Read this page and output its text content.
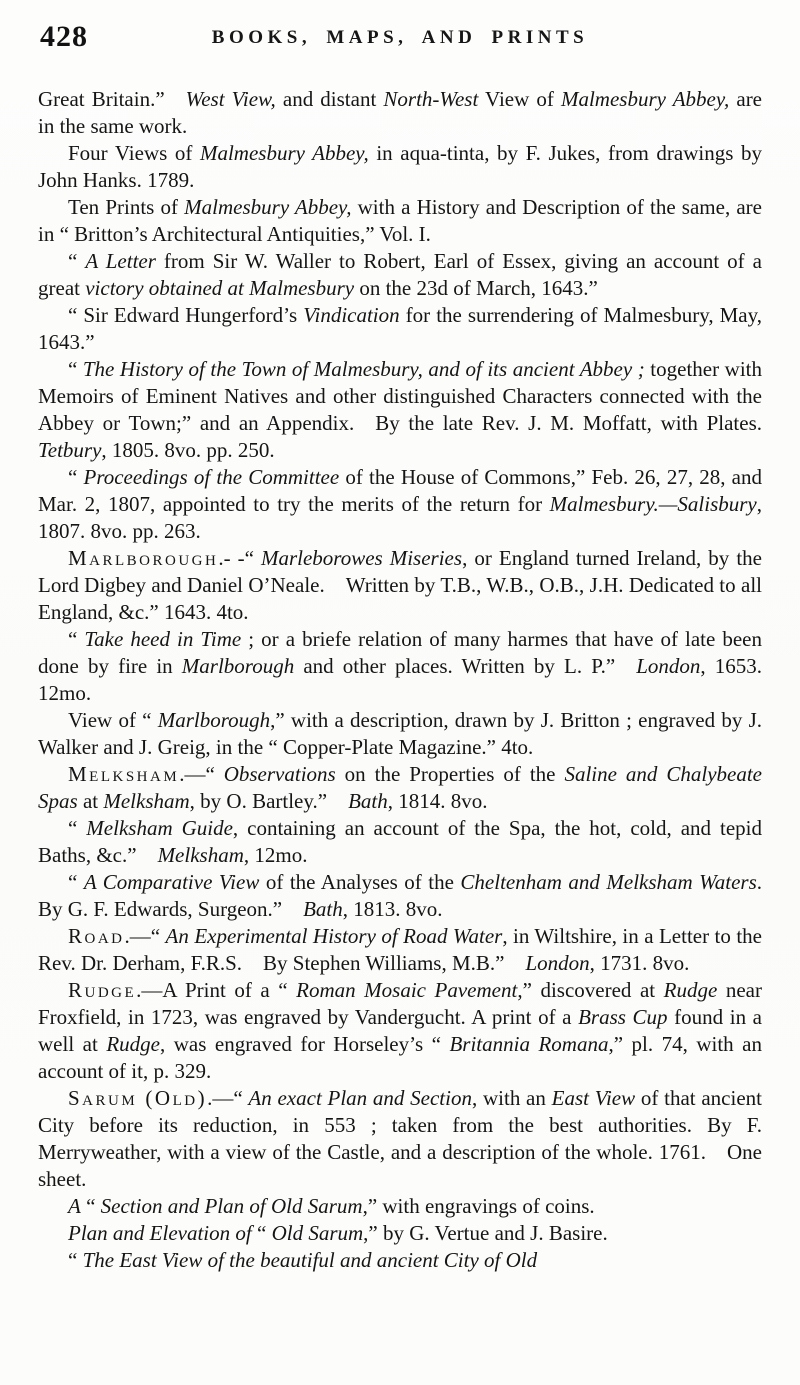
428	BOOKS, MAPS, AND PRINTS

Great Britain.” West View, and distant North-West View of Malmesbury Abbey, are in the same work.

Four Views of Malmesbury Abbey, in aqua-tinta, by F. Jukes, from drawings by John Hanks. 1789.

Ten Prints of Malmesbury Abbey, with a History and Description of the same, are in “ Britton’s Architectural Antiquities,” Vol. I.

“ A Letter from Sir W. Waller to Robert, Earl of Essex, giving an account of a great victory obtained at Malmesbury on the 23d of March, 1643.”

“ Sir Edward Hungerford’s Vindication for the surrendering of Malmesbury, May, 1643.”

“ The History of the Town of Malmesbury, and of its ancient Abbey ; together with Memoirs of Eminent Natives and other distinguished Characters connected with the Abbey or Town;” and an Appendix. By the late Rev. J. M. Moffatt, with Plates. Tetbury, 1805. 8vo. pp. 250.

“ Proceedings of the Committee of the House of Commons,” Feb. 26, 27, 28, and Mar. 2, 1807, appointed to try the merits of the return for Malmesbury.—Salisbury, 1807. 8vo. pp. 263.

Marlborough.- -“ Marleborowes Miseries, or England turned Ireland, by the Lord Digbey and Daniel O’Neale. Written by T.B., W.B., O.B., J.H. Dedicated to all England, &c.” 1643. 4to.

“ Take heed in Time ; or a briefe relation of many harmes that have of late been done by fire in Marlborough and other places. Written by L. P.” London, 1653. 12mo.

View of “ Marlborough,” with a description, drawn by J. Britton ; engraved by J. Walker and J. Greig, in the “ Copper-Plate Magazine.” 4to.

Melksham.—“ Observations on the Properties of the Saline and Chalybeate Spas at Melksham, by O. Bartley.” Bath, 1814. 8vo.

“ Melksham Guide, containing an account of the Spa, the hot, cold, and tepid Baths, &c.” Melksham, 12mo.

“ A Comparative View of the Analyses of the Cheltenham and Melksham Waters. By G. F. Edwards, Surgeon.” Bath, 1813. 8vo.

Road.—“ An Experimental History of Road Water, in Wiltshire, in a Letter to the Rev. Dr. Derham, F.R.S. By Stephen Williams, M.B.” London, 1731. 8vo.

Rudge.—A Print of a “ Roman Mosaic Pavement,” discovered at Rudge near Froxfield, in 1723, was engraved by Vandergucht. A print of a Brass Cup found in a well at Rudge, was engraved for Horseley’s “ Britannia Romana,” pl. 74, with an account of it, p. 329.

Sarum (Old).—“ An exact Plan and Section, with an East View of that ancient City before its reduction, in 553 ; taken from the best authorities. By F. Merryweather, with a view of the Castle, and a description of the whole. 1761. One sheet.

A “ Section and Plan of Old Sarum,” with engravings of coins.

Plan and Elevation of “ Old Sarum,” by G. Vertue and J. Basire.

“ The East View of the beautiful and ancient City of Old
